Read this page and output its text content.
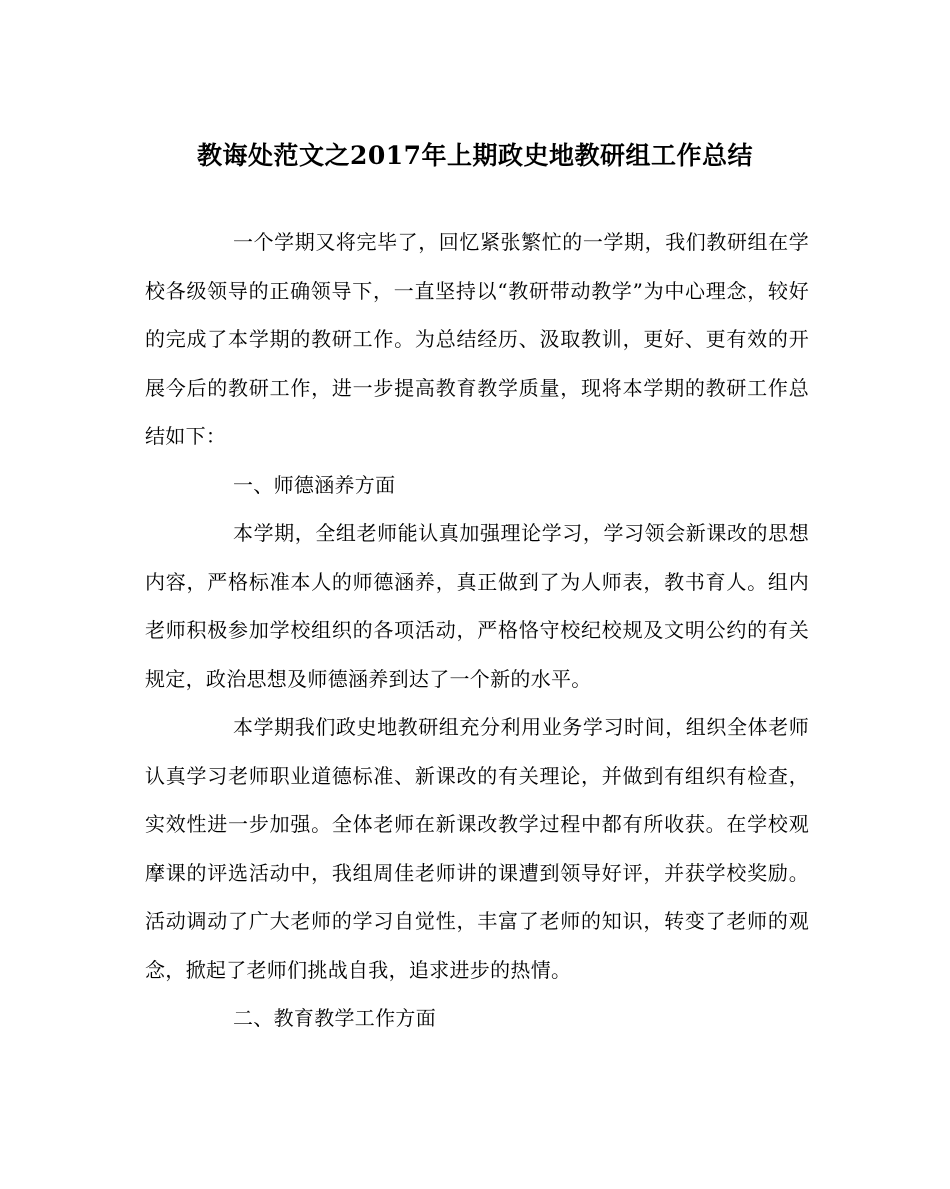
教诲处范文之2017年上期政史地教研组工作总结

一个学期又将完毕了，回忆紧张繁忙的一学期，我们教研组在学校各级领导的正确领导下，一直坚持以“教研带动教学”为中心理念，较好的完成了本学期的教研工作。为总结经历、汲取教训，更好、更有效的开展今后的教研工作，进一步提高教育教学质量，现将本学期的教研工作总结如下：

一、师德涵养方面

本学期，全组老师能认真加强理论学习，学习领会新课改的思想内容，严格标准本人的师德涵养，真正做到了为人师表，教书育人。组内老师积极参加学校组织的各项活动，严格恪守校纪校规及文明公约的有关规定，政治思想及师德涵养到达了一个新的水平。

本学期我们政史地教研组充分利用业务学习时间，组织全体老师认真学习老师职业道德标准、新课改的有关理论，并做到有组织有检查，实效性进一步加强。全体老师在新课改教学过程中都有所收获。在学校观摩课的评选活动中，我组周佳老师讲的课遭到领导好评，并获学校奖励。活动调动了广大老师的学习自觉性，丰富了老师的知识，转变了老师的观念，掀起了老师们挑战自我，追求进步的热情。

二、教育教学工作方面
